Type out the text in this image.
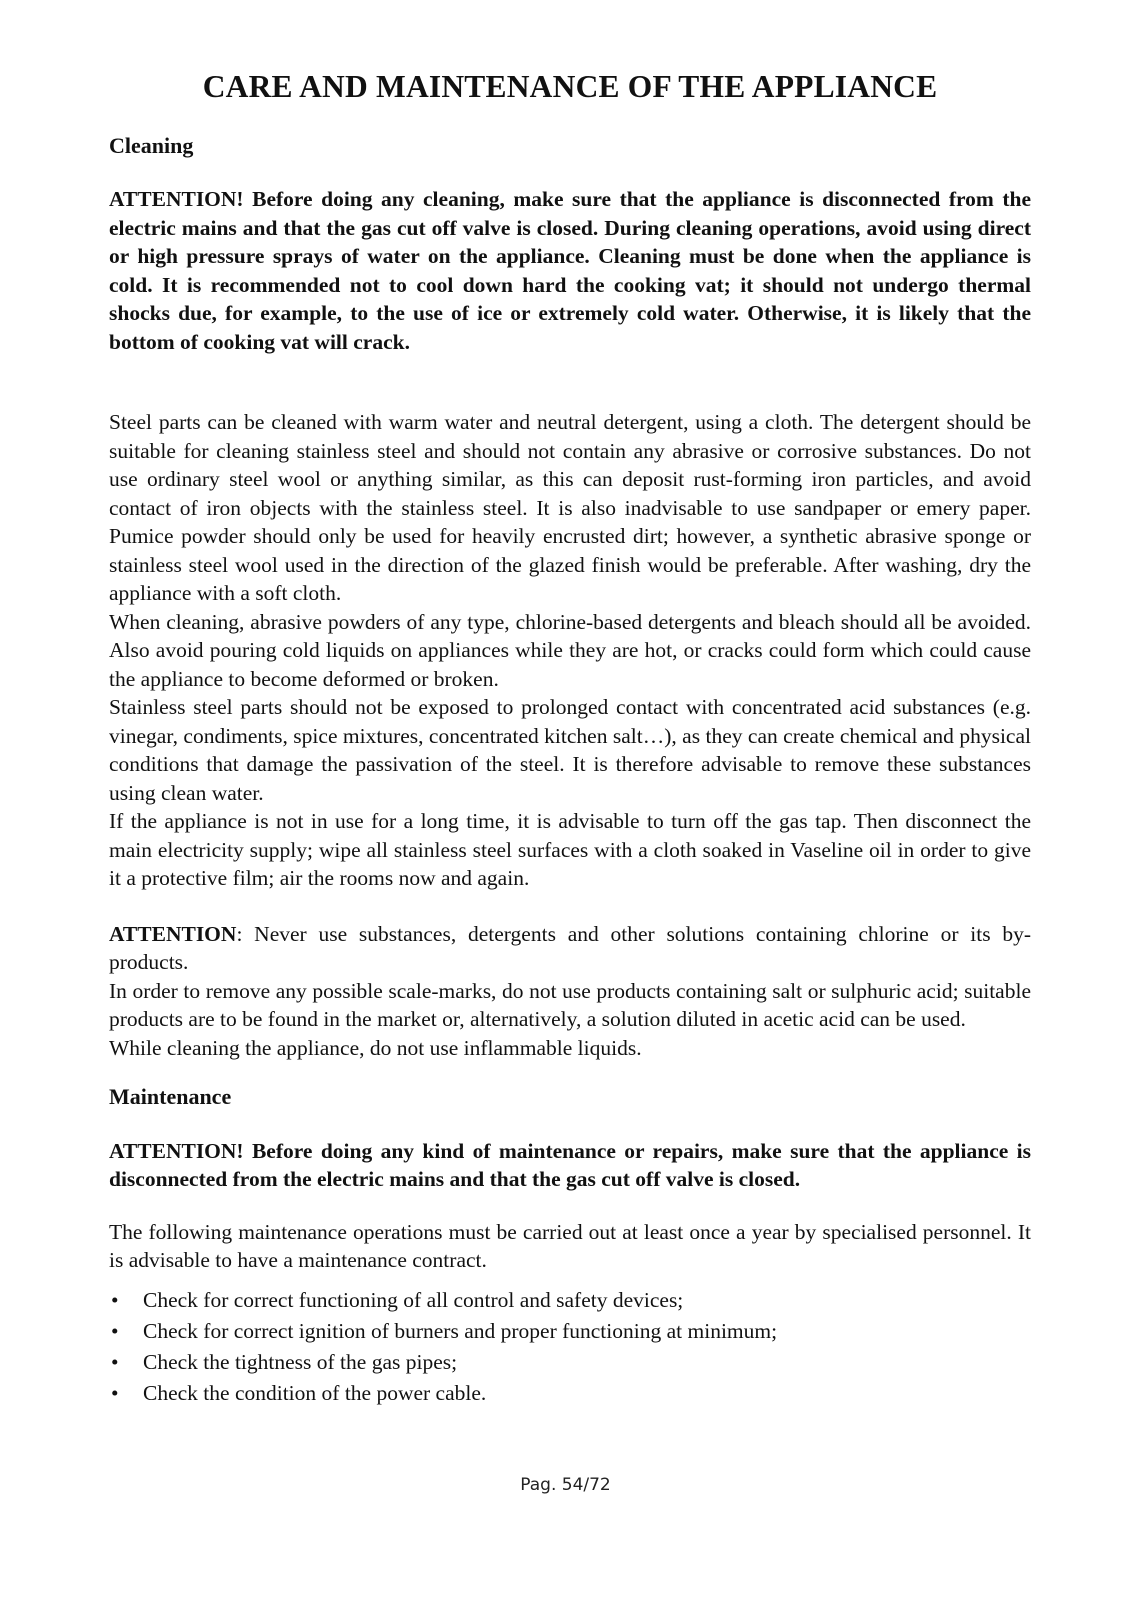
CARE AND MAINTENANCE OF THE APPLIANCE
Cleaning

ATTENTION! Before doing any cleaning, make sure that the appliance is disconnected from the electric mains and that the gas cut off valve is closed. During cleaning operations, avoid using direct or high pressure sprays of water on the appliance. Cleaning must be done when the appliance is cold. It is recommended not to cool down hard the cooking vat; it should not undergo thermal shocks due, for example, to the use of ice or extremely cold water. Otherwise, it is likely that the bottom of cooking vat will crack.

Steel parts can be cleaned with warm water and neutral detergent, using a cloth. The detergent should be suitable for cleaning stainless steel and should not contain any abrasive or corrosive substances. Do not use ordinary steel wool or anything similar, as this can deposit rust-forming iron particles, and avoid contact of iron objects with the stainless steel. It is also inadvisable to use sandpaper or emery paper. Pumice powder should only be used for heavily encrusted dirt; however, a synthetic abrasive sponge or stainless steel wool used in the direction of the glazed finish would be preferable. After washing, dry the appliance with a soft cloth.

When cleaning, abrasive powders of any type, chlorine-based detergents and bleach should all be avoided. Also avoid pouring cold liquids on appliances while they are hot, or cracks could form which could cause the appliance to become deformed or broken.

Stainless steel parts should not be exposed to prolonged contact with concentrated acid substances (e.g. vinegar, condiments, spice mixtures, concentrated kitchen salt…), as they can create chemical and physical conditions that damage the passivation of the steel. It is therefore advisable to remove these substances using clean water.

If the appliance is not in use for a long time, it is advisable to turn off the gas tap. Then disconnect the main electricity supply; wipe all stainless steel surfaces with a cloth soaked in Vaseline oil in order to give it a protective film; air the rooms now and again.

ATTENTION: Never use substances, detergents and other solutions containing chlorine or its by-products.

In order to remove any possible scale-marks, do not use products containing salt or sulphuric acid; suitable products are to be found in the market or, alternatively, a solution diluted in acetic acid can be used.

While cleaning the appliance, do not use inflammable liquids.

Maintenance

ATTENTION! Before doing any kind of maintenance or repairs, make sure that the appliance is disconnected from the electric mains and that the gas cut off valve is closed.

The following maintenance operations must be carried out at least once a year by specialised personnel. It is advisable to have a maintenance contract.

• Check for correct functioning of all control and safety devices;
• Check for correct ignition of burners and proper functioning at minimum;
• Check the tightness of the gas pipes;
• Check the condition of the power cable.
Pag. 54/72
